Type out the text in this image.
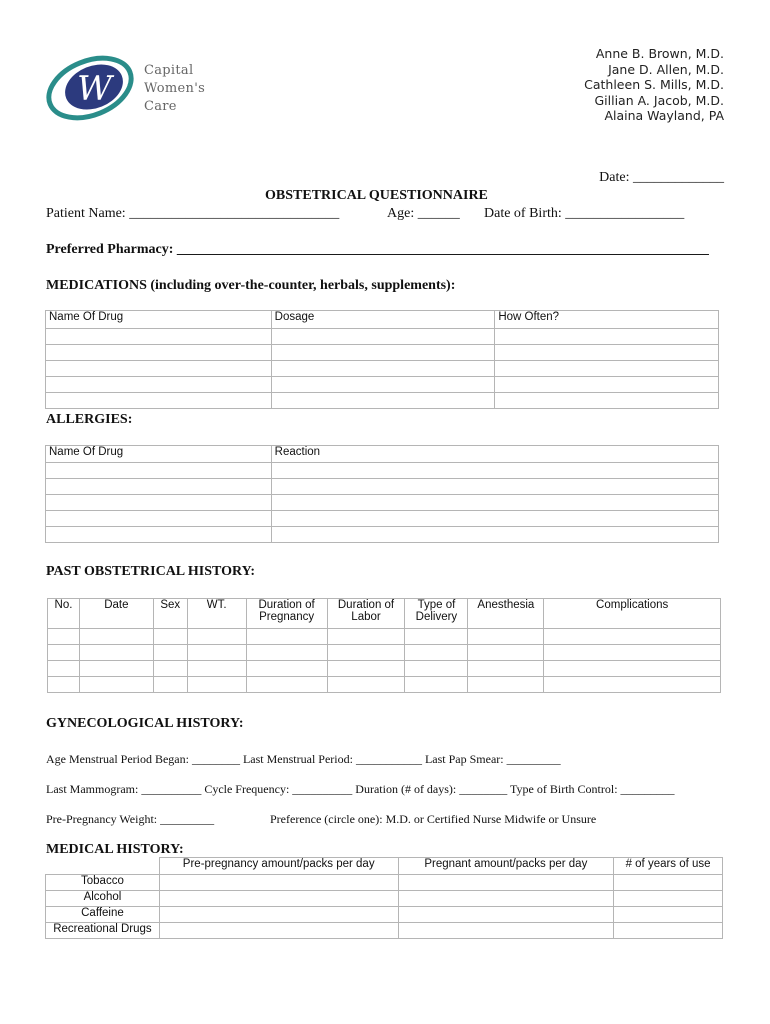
W Capital
Women's
Care
Anne B. Brown, M.D.
Jane D. Allen, M.D.
Cathleen S. Mills, M.D.
Gillian A. Jacob, M.D.
Alaina Wayland, PA
Date: _____________
OBSTETRICAL QUESTIONNAIRE
Patient Name: ______________________________	Age: ______ Date of Birth: _________________
Preferred Pharmacy: ____________________________________________________________________________
MEDICATIONS (including over-the-counter, herbals, supplements):
Name Of Drug	Dosage	How Often?

ALLERGIES:
Name Of Drug	Reaction

PAST OBSTETRICAL HISTORY:
No.	Date	Sex	WT.	Duration of Pregnancy	Duration of Labor	Type of Delivery	Anesthesia	Complications

GYNECOLOGICAL HISTORY:
Age Menstrual Period Began: ________ Last Menstrual Period: ___________ Last Pap Smear: _________
Last Mammogram: __________ Cycle Frequency: __________ Duration (# of days): ________ Type of Birth Control: _________
Pre-Pregnancy Weight: _________	Preference (circle one): M.D. or Certified Nurse Midwife or Unsure
MEDICAL HISTORY:
	Pre-pregnancy amount/packs per day	Pregnant amount/packs per day	# of years of use
Tobacco			
Alcohol			
Caffeine			
Recreational Drugs			
